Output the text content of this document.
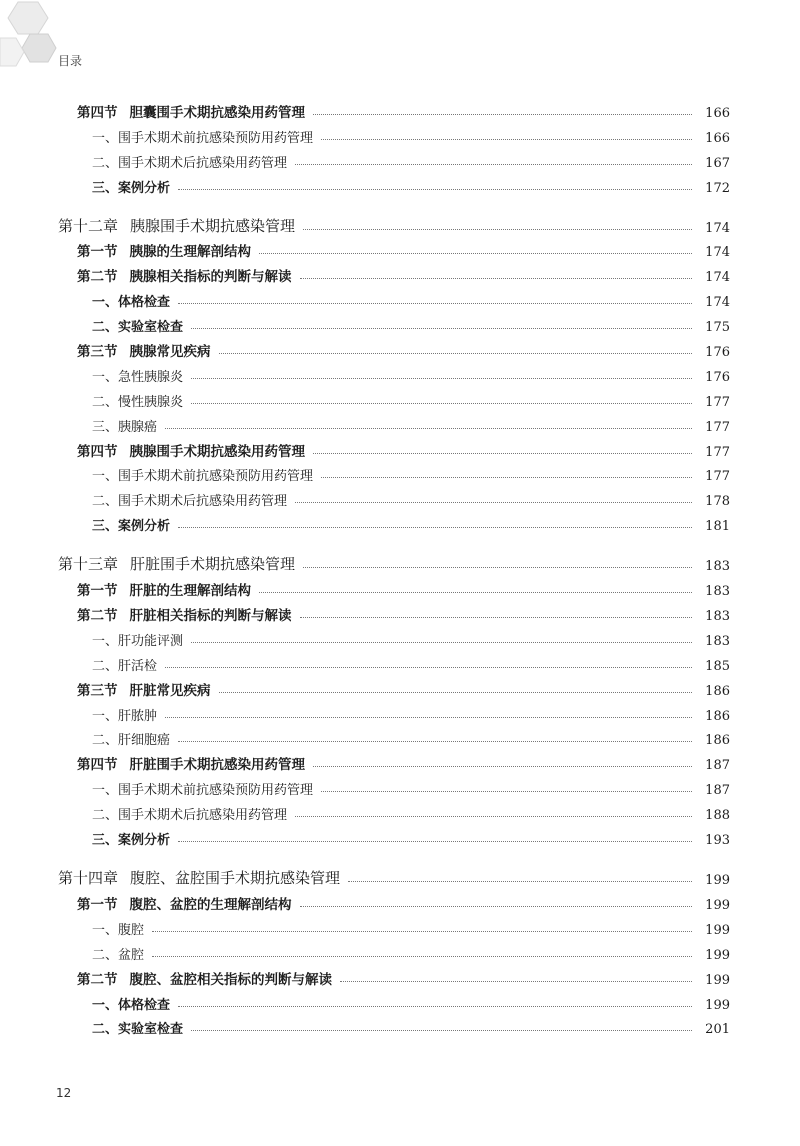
目录
第四节 胆囊围手术期抗感染用药管理	166
一、围手术期术前抗感染预防用药管理	166
二、围手术期术后抗感染用药管理	167
三、案例分析	172
第十二章 胰腺围手术期抗感染管理	174
第一节 胰腺的生理解剖结构	174
第二节 胰腺相关指标的判断与解读	174
一、体格检查	174
二、实验室检查	175
第三节 胰腺常见疾病	176
一、急性胰腺炎	176
二、慢性胰腺炎	177
三、胰腺癌	177
第四节 胰腺围手术期抗感染用药管理	177
一、围手术期术前抗感染预防用药管理	177
二、围手术期术后抗感染用药管理	178
三、案例分析	181
第十三章 肝脏围手术期抗感染管理	183
第一节 肝脏的生理解剖结构	183
第二节 肝脏相关指标的判断与解读	183
一、肝功能评测	183
二、肝活检	185
第三节 肝脏常见疾病	186
一、肝脓肿	186
二、肝细胞癌	186
第四节 肝脏围手术期抗感染用药管理	187
一、围手术期术前抗感染预防用药管理	187
二、围手术期术后抗感染用药管理	188
三、案例分析	193
第十四章 腹腔、盆腔围手术期抗感染管理	199
第一节 腹腔、盆腔的生理解剖结构	199
一、腹腔	199
二、盆腔	199
第二节 腹腔、盆腔相关指标的判断与解读	199
一、体格检查	199
二、实验室检查	201
12
